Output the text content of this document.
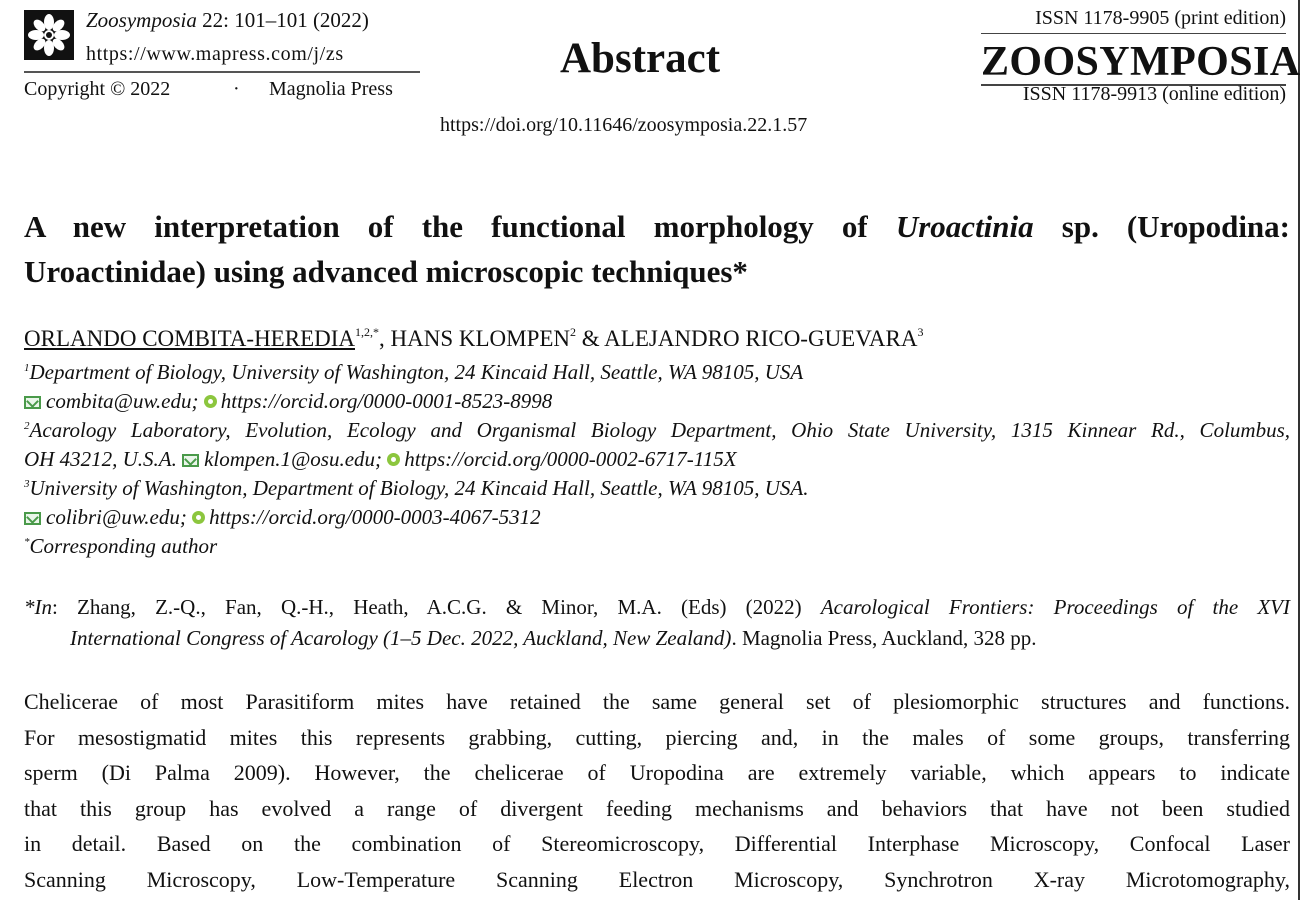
Zoosymposia 22: 101–101 (2022)
https://www.mapress.com/j/zs
Copyright © 2022	· Magnolia Press
Abstract
https://doi.org/10.11646/zoosymposia.22.1.57
ISSN 1178-9905 (print edition)
ZOOSYMPOSIA
ISSN 1178-9913 (online edition)
A new interpretation of the functional morphology of Uroactinia sp. (Uropodina:
Uroactinidae) using advanced microscopic techniques*
ORLANDO COMBITA-$HEREDIA^{1,2,*}$, HANS KLOMPEN$^2$ & ALEJANDRO RICO-GUEVARA$^3$
$^1$Department of Biology, University of Washington, 24 Kincaid Hall, Seattle, WA 98105, USA
combita@uw.edu; https://orcid.org/0000-0001-8523-8998
$^2$Acarology Laboratory, Evolution, Ecology and Organismal Biology Department, Ohio State University, 1315 Kinnear Rd., Columbus,
OH 43212, U.S.A. klompen.1@osu.edu; https://orcid.org/0000-0002-6717-115X
$^3$University of Washington, Department of Biology, 24 Kincaid Hall, Seattle, WA 98105, USA.
colibri@uw.edu; https://orcid.org/0000-0003-4067-5312
*Corresponding author
*In: Zhang, Z.-Q., Fan, Q.-H., Heath, A.C.G. & Minor, M.A. (Eds) (2022) Acarological Frontiers: Proceedings of the XVI
International Congress of Acarology (1–5 Dec. 2022, Auckland, New Zealand). Magnolia Press, Auckland, 328 pp.
Chelicerae of most Parasitiform mites have retained the same general set of plesiomorphic structures and functions.
For mesostigmatid mites this represents grabbing, cutting, piercing and, in the males of some groups, transferring
sperm (Di Palma 2009). However, the chelicerae of Uropodina are extremely variable, which appears to indicate
that this group has evolved a range of divergent feeding mechanisms and behaviors that have not been studied
in detail. Based on the combination of Stereomicroscopy, Differential Interphase Microscopy, Confocal Laser
Scanning Microscopy, Low-Temperature Scanning Electron Microscopy, Synchrotron X-ray Microtomography,
